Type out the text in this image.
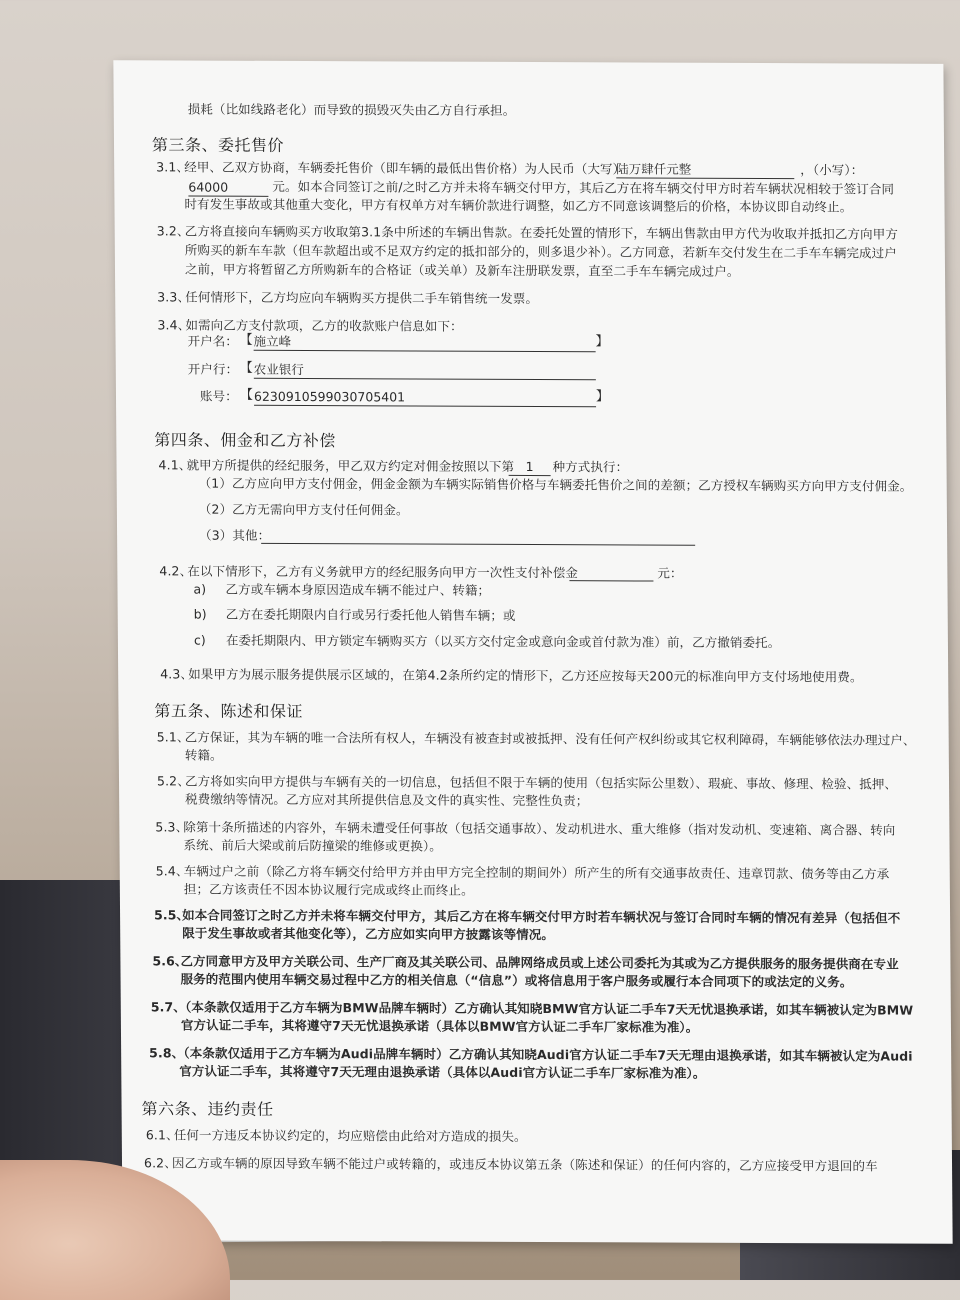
损耗（比如线路老化）而导致的损毁灭失由乙方自行承担。
第三条、委托售价
3.1、经甲、乙双方协商，车辆委托售价（即车辆的最低出售价格）为人民币（大写）
陆万肆仟元整	，（小写）：
64000	元。如本合同签订之前/之时乙方并未将车辆交付甲方，其后乙方在将车辆交付甲方时若车辆状况相较于签订合同
时有发生事故或其他重大变化，甲方有权单方对车辆价款进行调整，如乙方不同意该调整后的价格，本协议即自动终止。
3.2、乙方将直接向车辆购买方收取第3.1条中所述的车辆出售款。在委托处置的情形下，车辆出售款由甲方代为收取并抵扣乙方向甲方
所购买的新车车款（但车款超出或不足双方约定的抵扣部分的，则多退少补）。乙方同意，若新车交付发生在二手车车辆完成过户
之前，甲方将暂留乙方所购新车的合格证（或关单）及新车注册联发票，直至二手车车辆完成过户。
3.3、任何情形下，乙方均应向车辆购买方提供二手车销售统一发票。
3.4、如需向乙方支付款项，乙方的收款账户信息如下：
开户名： 【 施立峰	】
开户行： 【 农业银行
账号： 【 6230910599030705401	】
第四条、佣金和乙方补偿
4.1、就甲方所提供的经纪服务，甲乙双方约定对佣金按照以下第 1	种方式执行：
（1）乙方应向甲方支付佣金，佣金金额为车辆实际销售价格与车辆委托售价之间的差额；乙方授权车辆购买方向甲方支付佣金。
（2）乙方无需向甲方支付任何佣金。
（3）其他：
4.2、在以下情形下，乙方有义务就甲方的经纪服务向甲方一次性支付补偿金	元：
a) 乙方或车辆本身原因造成车辆不能过户、转籍；
b) 乙方在委托期限内自行或另行委托他人销售车辆；或
c) 在委托期限内、甲方锁定车辆购买方（以买方交付定金或意向金或首付款为准）前，乙方撤销委托。
4.3、如果甲方为展示服务提供展示区域的，在第4.2条所约定的情形下，乙方还应按每天200元的标准向甲方支付场地使用费。
第五条、陈述和保证
5.1、乙方保证，其为车辆的唯一合法所有权人，车辆没有被查封或被抵押、没有任何产权纠纷或其它权利障碍，车辆能够依法办理过户、
转籍。
5.2、乙方将如实向甲方提供与车辆有关的一切信息，包括但不限于车辆的使用（包括实际公里数）、瑕疵、事故、修理、检验、抵押、
税费缴纳等情况。乙方应对其所提供信息及文件的真实性、完整性负责；
5.3、除第十条所描述的内容外，车辆未遭受任何事故（包括交通事故）、发动机进水、重大维修（指对发动机、变速箱、离合器、转向
系统、前后大梁或前后防撞梁的维修或更换）。
5.4、车辆过户之前（除乙方将车辆交付给甲方并由甲方完全控制的期间外）所产生的所有交通事故责任、违章罚款、债务等由乙方承
担；乙方该责任不因本协议履行完成或终止而终止。
5.5、如本合同签订之时乙方并未将车辆交付甲方，其后乙方在将车辆交付甲方时若车辆状况与签订合同时车辆的情况有差异（包括但不
限于发生事故或者其他变化等），乙方应如实向甲方披露该等情况。
5.6、乙方同意甲方及甲方关联公司、生产厂商及其关联公司、品牌网络成员或上述公司委托为其或为乙方提供服务的服务提供商在专业
服务的范围内使用车辆交易过程中乙方的相关信息（“信息”）或将信息用于客户服务或履行本合同项下的或法定的义务。
5.7、（本条款仅适用于乙方车辆为BMW品牌车辆时）乙方确认其知晓BMW官方认证二手车7天无忧退换承诺，如其车辆被认定为BMW
官方认证二手车，其将遵守7天无忧退换承诺（具体以BMW官方认证二手车厂家标准为准）。
5.8、（本条款仅适用于乙方车辆为Audi品牌车辆时）乙方确认其知晓Audi官方认证二手车7天无理由退换承诺，如其车辆被认定为Audi
官方认证二手车，其将遵守7天无理由退换承诺（具体以Audi官方认证二手车厂家标准为准）。
第六条、违约责任
6.1、任何一方违反本协议约定的，均应赔偿由此给对方造成的损失。
6.2、因乙方或车辆的原因导致车辆不能过户或转籍的，或违反本协议第五条（陈述和保证）的任何内容的，乙方应接受甲方退回的车
